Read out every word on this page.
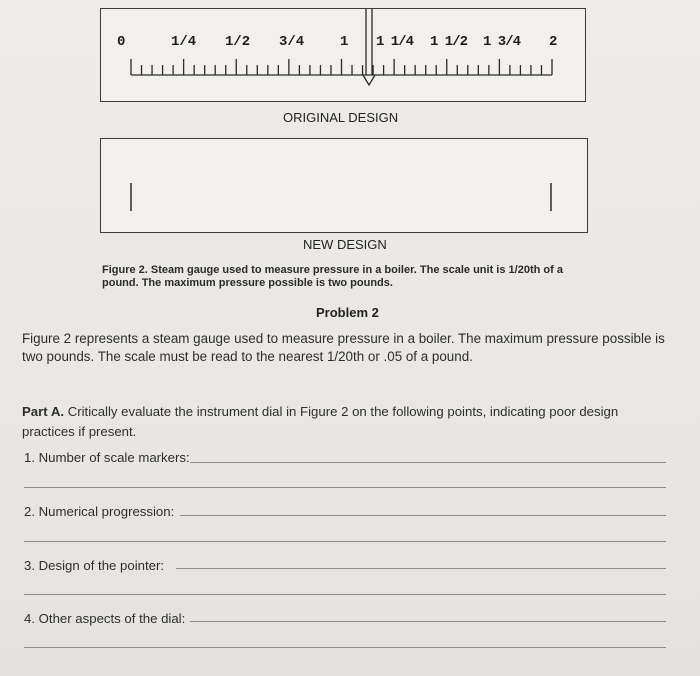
0	1/4 1/2 3/4	1 1 1/4 1 1/2 1 3/4 2
ORIGINAL DESIGN
NEW DESIGN
Figure 2. Steam gauge used to measure pressure in a boiler. The scale unit is 1/20th of a pound. The maximum pressure possible is two pounds.
Problem 2
Figure 2 represents a steam gauge used to measure pressure in a boiler. The maximum pressure possible is two pounds. The scale must be read to the nearest 1/20th or .05 of a pound.
Part A. Critically evaluate the instrument dial in Figure 2 on the following points, indicating poor design practices if present.
1. Number of scale markers:
2. Numerical progression:
3. Design of the pointer:
4. Other aspects of the dial:
